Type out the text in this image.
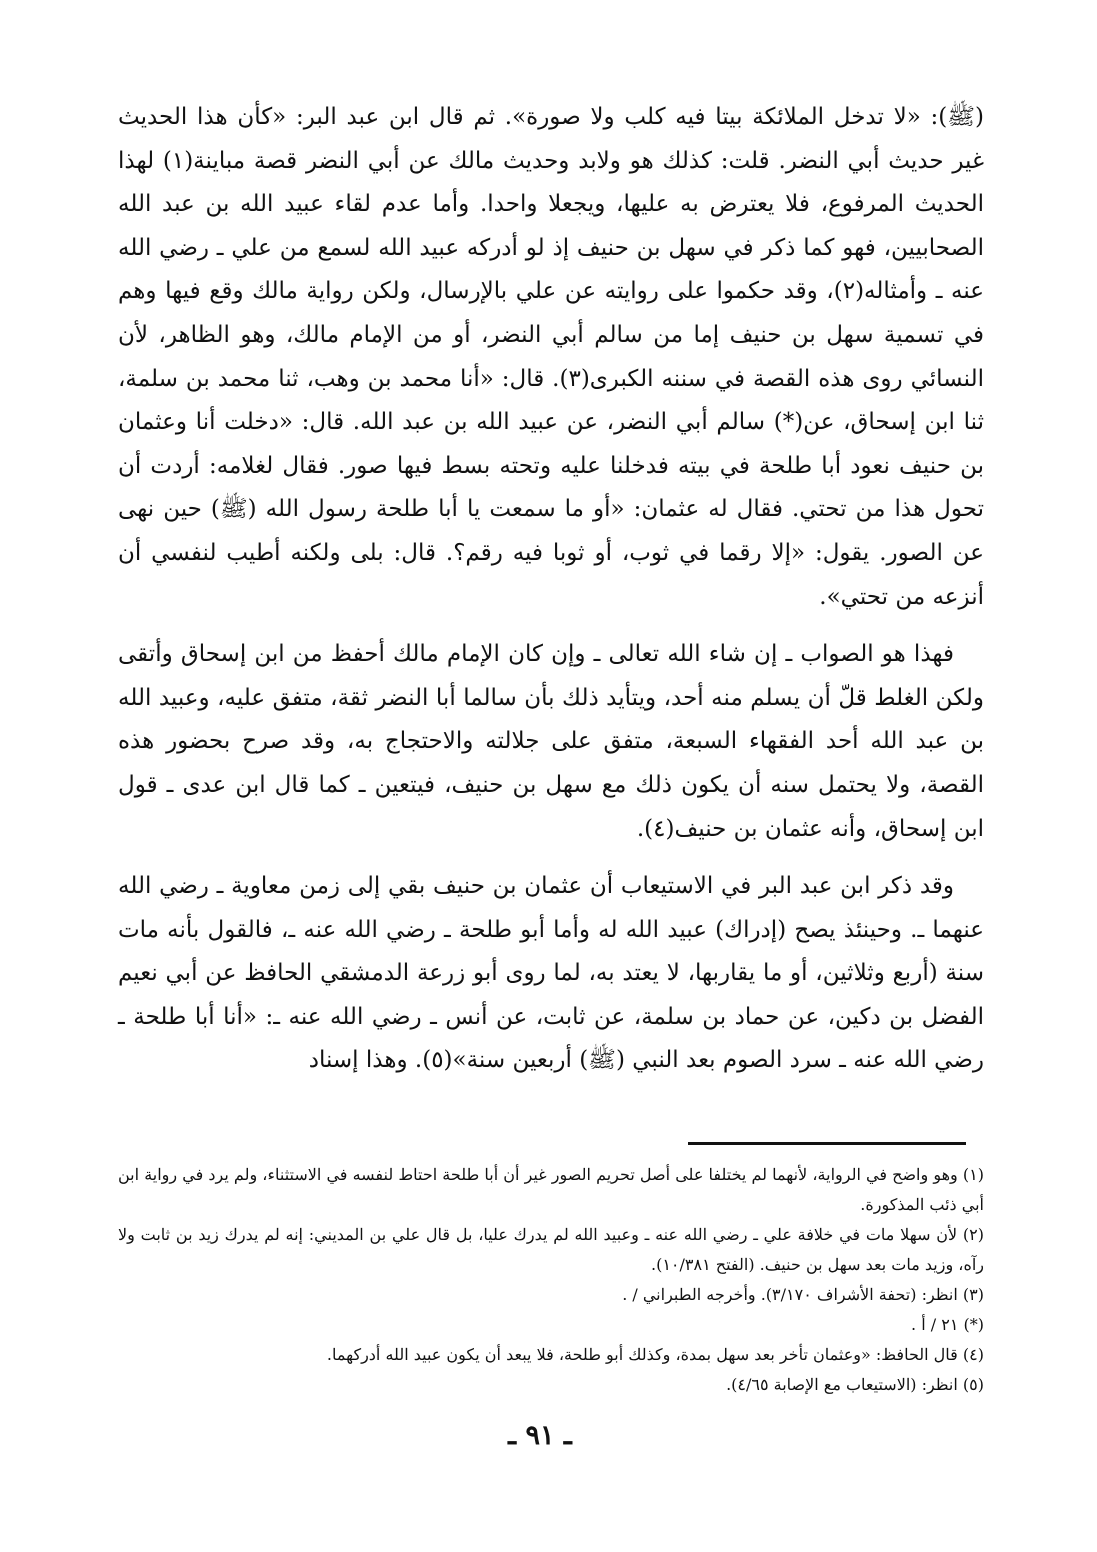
(ﷺ): «لا تدخل الملائكة بيتا فيه كلب ولا صورة». ثم قال ابن عبد البر: «كأن هذا الحديث غير حديث أبي النضر. قلت: كذلك هو ولابد وحديث مالك عن أبي النضر قصة مباينة(١) لهذا الحديث المرفوع، فلا يعترض به عليها، ويجعلا واحدا. وأما عدم لقاء عبيد الله بن عبد الله الصحابيين، فهو كما ذكر في سهل بن حنيف إذ لو أدركه عبيد الله لسمع من علي ـ رضي الله عنه ـ وأمثاله(٢)، وقد حكموا على روايته عن علي بالإرسال، ولكن رواية مالك وقع فيها وهم في تسمية سهل بن حنيف إما من سالم أبي النضر، أو من الإمام مالك، وهو الظاهر، لأن النسائي روى هذه القصة في سننه الكبرى(٣). قال: «أنا محمد بن وهب، ثنا محمد بن سلمة، ثنا ابن إسحاق، عن(*) سالم أبي النضر، عن عبيد الله بن عبد الله. قال: «دخلت أنا وعثمان بن حنيف نعود أبا طلحة في بيته فدخلنا عليه وتحته بسط فيها صور. فقال لغلامه: أردت أن تحول هذا من تحتي. فقال له عثمان: «أو ما سمعت يا أبا طلحة رسول الله (ﷺ) حين نهى عن الصور. يقول: «إلا رقما في ثوب، أو ثوبا فيه رقم؟. قال: بلى ولكنه أطيب لنفسي أن أنزعه من تحتي».

فهذا هو الصواب ـ إن شاء الله تعالى ـ وإن كان الإمام مالك أحفظ من ابن إسحاق وأتقى ولكن الغلط قلّ أن يسلم منه أحد، ويتأيد ذلك بأن سالما أبا النضر ثقة، متفق عليه، وعبيد الله بن عبد الله أحد الفقهاء السبعة، متفق على جلالته والاحتجاج به، وقد صرح بحضور هذه القصة، ولا يحتمل سنه أن يكون ذلك مع سهل بن حنيف، فيتعين ـ كما قال ابن عدى ـ قول ابن إسحاق، وأنه عثمان بن حنيف(٤).

وقد ذكر ابن عبد البر في الاستيعاب أن عثمان بن حنيف بقي إلى زمن معاوية ـ رضي الله عنهما ـ. وحينئذ يصح (إدراك) عبيد الله له وأما أبو طلحة ـ رضي الله عنه ـ، فالقول بأنه مات سنة (أربع وثلاثين، أو ما يقاربها، لا يعتد به، لما روى أبو زرعة الدمشقي الحافظ عن أبي نعيم الفضل بن دكين، عن حماد بن سلمة، عن ثابت، عن أنس ـ رضي الله عنه ـ: «أنا أبا طلحة ـ رضي الله عنه ـ سرد الصوم بعد النبي (ﷺ) أربعين سنة»(٥). وهذا إسناد

(١) وهو واضح في الرواية، لأنهما لم يختلفا على أصل تحريم الصور غير أن أبا طلحة احتاط لنفسه في الاستثناء، ولم يرد في رواية ابن أبي ذئب المذكورة.

(٢) لأن سهلا مات في خلافة علي ـ رضي الله عنه ـ وعبيد الله لم يدرك عليا، بل قال علي بن المديني: إنه لم يدرك زيد بن ثابت ولا رآه، وزيد مات بعد سهل بن حنيف. (الفتح ١٠/٣٨١).

(٣) انظر: (تحفة الأشراف ٣/١٧٠). وأخرجه الطبراني / .

(*) ٢١ / أ .

(٤) قال الحافظ: «وعثمان تأخر بعد سهل بمدة، وكذلك أبو طلحة، فلا يبعد أن يكون عبيد الله أدركهما.

(٥) انظر: (الاستيعاب مع الإصابة ٤/٦٥).

ـ ٩١ ـ
